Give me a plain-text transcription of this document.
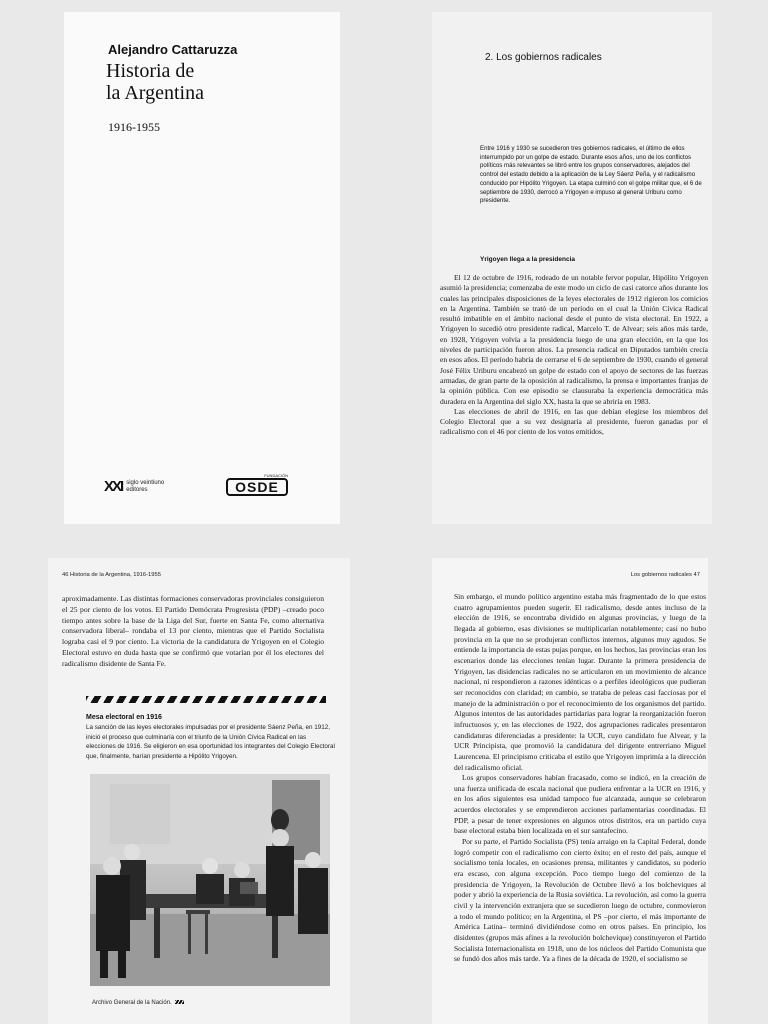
Alejandro Cattaruzza
Historia de
la Argentina
1916-1955
XXI siglo veintiuno
editores
FUNDACIÓN
OSDE
2. Los gobiernos radicales
Entre 1916 y 1930 se sucedieron tres gobiernos radicales, el último de ellos interrumpido por un golpe de estado. Durante esos años, uno de los conflictos políticos más relevantes se libró entre los grupos conservadores, alejados del control del estado debido a la aplicación de la Ley Sáenz Peña, y el radicalismo conducido por Hipólito Yrigoyen. La etapa culminó con el golpe militar que, el 6 de septiembre de 1930, derrocó a Yrigoyen e impuso al general Uriburu como presidente.
Yrigoyen llega a la presidencia

El 12 de octubre de 1916, rodeado de un notable fervor popular, Hipólito Yrigoyen asumió la presidencia; comenzaba de este modo un ciclo de casi catorce años durante los cuales las principales disposiciones de la leyes electorales de 1912 rigieron los comicios en la Argentina. También se trató de un período en el cual la Unión Cívica Radical resultó imbatible en el ámbito nacional desde el punto de vista electoral. En 1922, a Yrigoyen lo sucedió otro presidente radical, Marcelo T. de Alvear; seis años más tarde, en 1928, Yrigoyen volvía a la presidencia luego de una gran elección, en la que los niveles de participación fueron altos. La presencia radical en Diputados también crecía en esos años. El período habría de cerrarse el 6 de septiembre de 1930, cuando el general José Félix Uriburu encabezó un golpe de estado con el apoyo de sectores de las fuerzas armadas, de gran parte de la oposición al radicalismo, la prensa e importantes franjas de la opinión pública. Con ese episodio se clausuraba la experiencia democrática más duradera en la Argentina del siglo XX, hasta la que se abriría en 1983.

Las elecciones de abril de 1916, en las que debían elegirse los miembros del Colegio Electoral que a su vez designaría al presidente, fueron ganadas por el radicalismo con el 46 por ciento de los votos emitidos,

46 Historia de la Argentina, 1916-1955
aproximadamente. Las distintas formaciones conservadoras provinciales consiguieron el 25 por ciento de los votos. El Partido Demócrata Progresista (PDP) –creado poco tiempo antes sobre la base de la Liga del Sur, fuerte en Santa Fe, como alternativa conservadora liberal– rondaba el 13 por ciento, mientras que el Partido Socialista lograba casi el 9 por ciento. La victoria de la candidatura de Yrigoyen en el Colegio Electoral estuvo en duda hasta que se confirmó que votarían por él los electores del radicalismo disidente de Santa Fe.
Mesa electoral en 1916
La sanción de las leyes electorales impulsadas por el presidente Sáenz Peña, en 1912, inició el proceso que culminaría con el triunfo de la Unión Cívica Radical en las elecciones de 1916. Se eligieron en esa oportunidad los integrantes del Colegio Electoral que, finalmente, harían presidente a Hipólito Yrigoyen.
Archivo General de la Nación.
Los gobiernos radicales 47

Sin embargo, el mundo político argentino estaba más fragmentado de lo que estos cuatro agrupamientos pueden sugerir. El radicalismo, desde antes incluso de la elección de 1916, se encontraba dividido en algunas provincias, y luego de la llegada al gobierno, esas divisiones se multiplicarían notablemente; casi no hubo provincia en la que no se produjeran conflictos internos, algunos muy agudos. Se entiende la importancia de estas pujas porque, en los hechos, las provincias eran los escenarios donde las elecciones tenían lugar. Durante la primera presidencia de Yrigoyen, las disidencias radicales no se articularon en un movimiento de alcance nacional, ni respondieron a razones idénticas o a perfiles ideológicos que pudieran ser reconocidos con claridad; en cambio, se trataba de peleas casi facciosas por el manejo de la administración o por el reconocimiento de los organismos del partido. Algunos intentos de las autoridades partidarias para lograr la reorganización fueron infructuosos y, en las elecciones de 1922, dos agrupaciones radicales presentaron candidaturas diferenciadas a presidente: la UCR, cuyo candidato fue Alvear, y la UCR Principista, que promovió la candidatura del dirigente entrerriano Miguel Laurencena. El principismo criticaba el estilo que Yrigoyen imprimía a la dirección del radicalismo oficial.

Los grupos conservadores habían fracasado, como se indicó, en la creación de una fuerza unificada de escala nacional que pudiera enfrentar a la UCR en 1916, y en los años siguientes esa unidad tampoco fue alcanzada, aunque se celebraron acuerdos electorales y se emprendieron acciones parlamentarias coordinadas. El PDP, a pesar de tener expresiones en algunos otros distritos, era un partido cuya base electoral estaba bien localizada en el sur santafecino.

Por su parte, el Partido Socialista (PS) tenía arraigo en la Capital Federal, donde logró competir con el radicalismo con cierto éxito; en el resto del país, aunque el socialismo tenía locales, en ocasiones prensa, militantes y candidatos, su poderío era escaso, con alguna excepción. Poco tiempo luego del comienzo de la presidencia de Yrigoyen, la Revolución de Octubre llevó a los bolcheviques al poder y abrió la experiencia de la Rusia soviética. La revolución, así como la guerra civil y la intervención extranjera que se sucedieron luego de octubre, conmovieron a todo el mundo político; en la Argentina, el PS –por cierto, el más importante de América Latina– terminó dividiéndose como en otros países. En principio, los disidentes (grupos más afines a la revolución bolchevique) constituyeron el Partido Socialista Internacionalista en 1918, uno de los núcleos del Partido Comunista que se fundó dos años más tarde. Ya a fines de la década de 1920, el socialismo se
